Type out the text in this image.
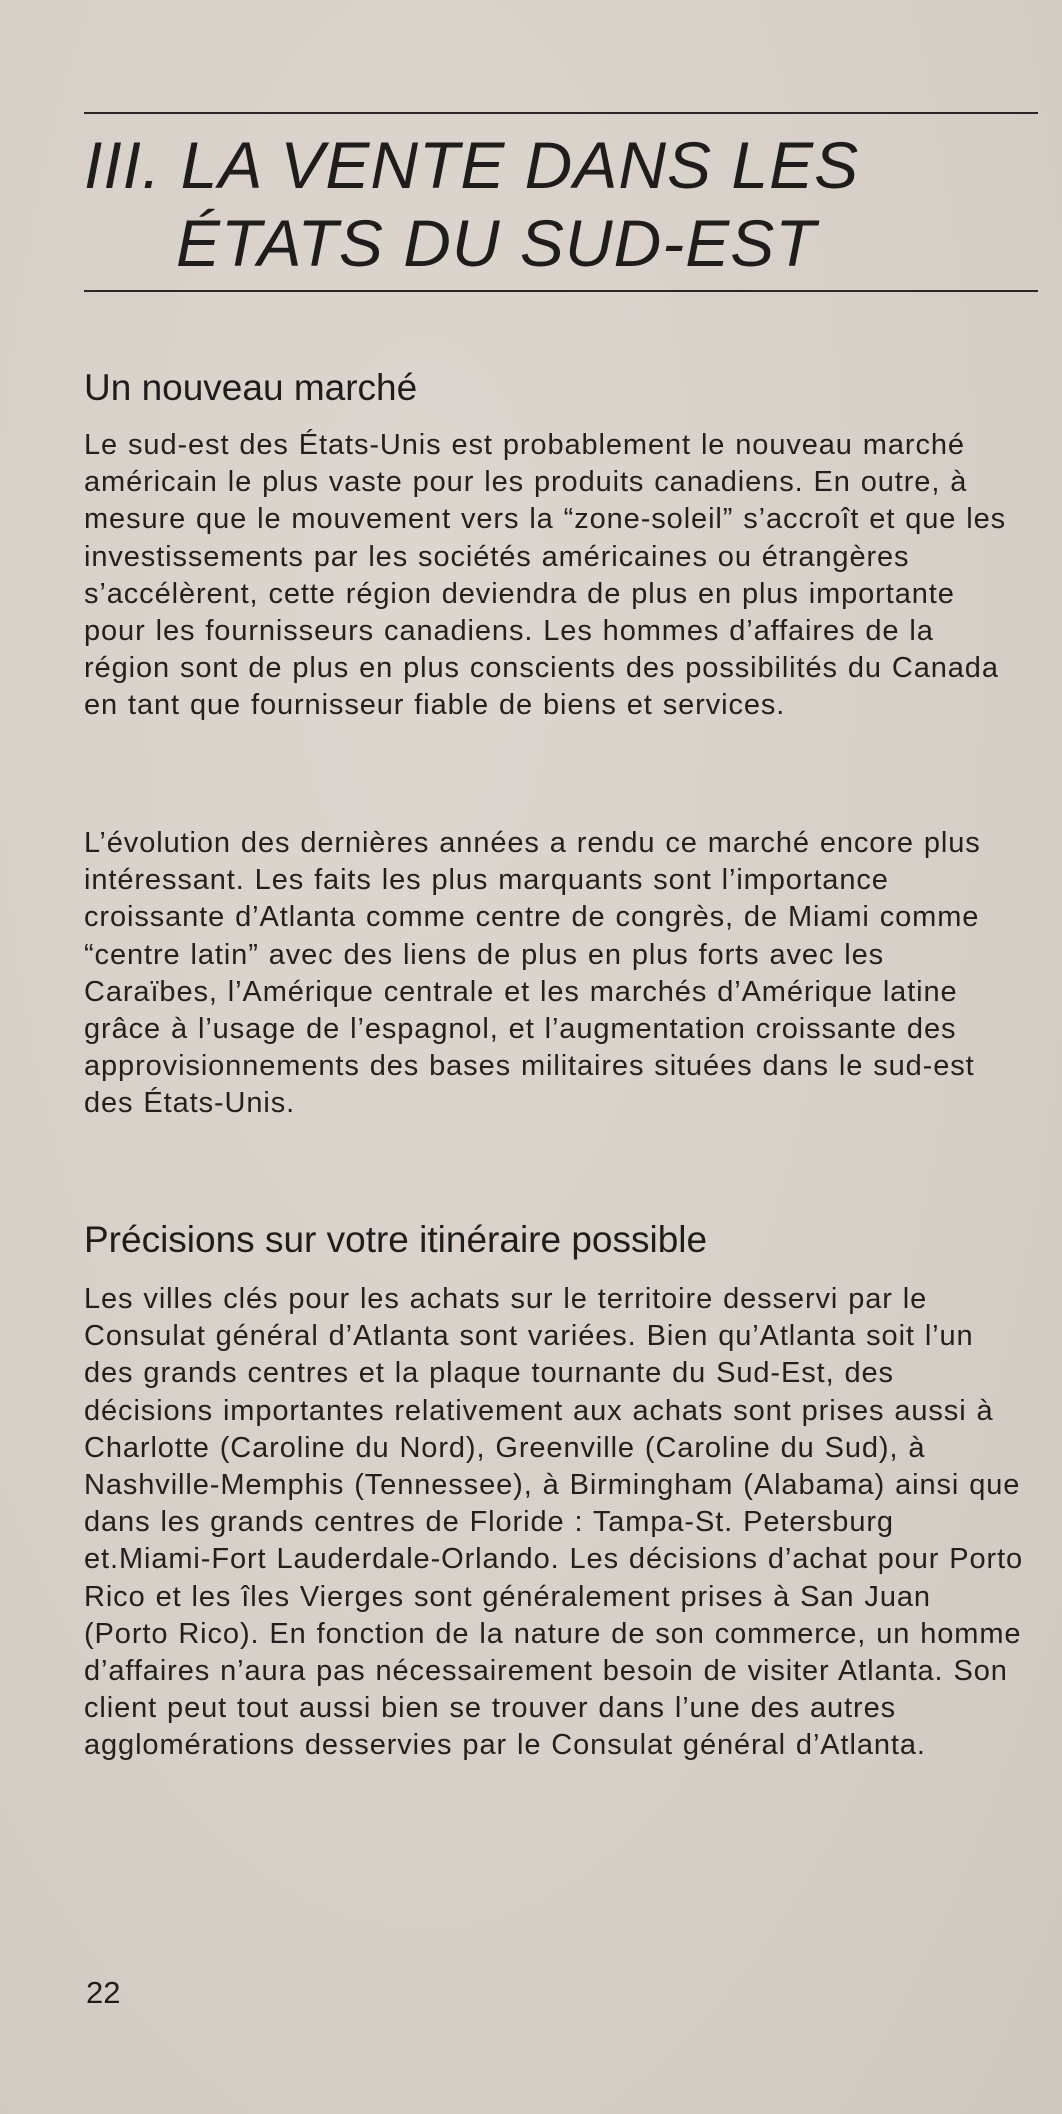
III. LA VENTE DANS LES
ÉTATS DU SUD-EST
Un nouveau marché

Le sud-est des États-Unis est probablement le nouveau marché américain le plus vaste pour les produits canadiens. En outre, à mesure que le mouvement vers la “zone-soleil” s’accroît et que les investissements par les sociétés américaines ou étrangères s’accélèrent, cette région deviendra de plus en plus importante pour les fournisseurs canadiens. Les hommes d’affaires de la région sont de plus en plus conscients des possibilités du Canada en tant que fournisseur fiable de biens et services.

L’évolution des dernières années a rendu ce marché encore plus intéressant. Les faits les plus marquants sont l’importance croissante d’Atlanta comme centre de congrès, de Miami comme “centre latin” avec des liens de plus en plus forts avec les Caraïbes, l’Amérique centrale et les marchés d’Amérique latine grâce à l’usage de l’espagnol, et l’augmentation croissante des approvisionnements des bases militaires situées dans le sud-est des États-Unis.

Précisions sur votre itinéraire possible

Les villes clés pour les achats sur le territoire desservi par le Consulat général d’Atlanta sont variées. Bien qu’Atlanta soit l’un des grands centres et la plaque tournante du Sud-Est, des décisions importantes relativement aux achats sont prises aussi à Charlotte (Caroline du Nord), Greenville (Caroline du Sud), à Nashville-Memphis (Tennessee), à Birmingham (Alabama) ainsi que dans les grands centres de Floride : Tampa-St. Petersburg et.Miami-Fort Lauderdale-Orlando. Les décisions d’achat pour Porto Rico et les îles Vierges sont généralement prises à San Juan (Porto Rico). En fonction de la nature de son commerce, un homme d’affaires n’aura pas nécessairement besoin de visiter Atlanta. Son client peut tout aussi bien se trouver dans l’une des autres agglomérations desservies par le Consulat général d’Atlanta.

22
